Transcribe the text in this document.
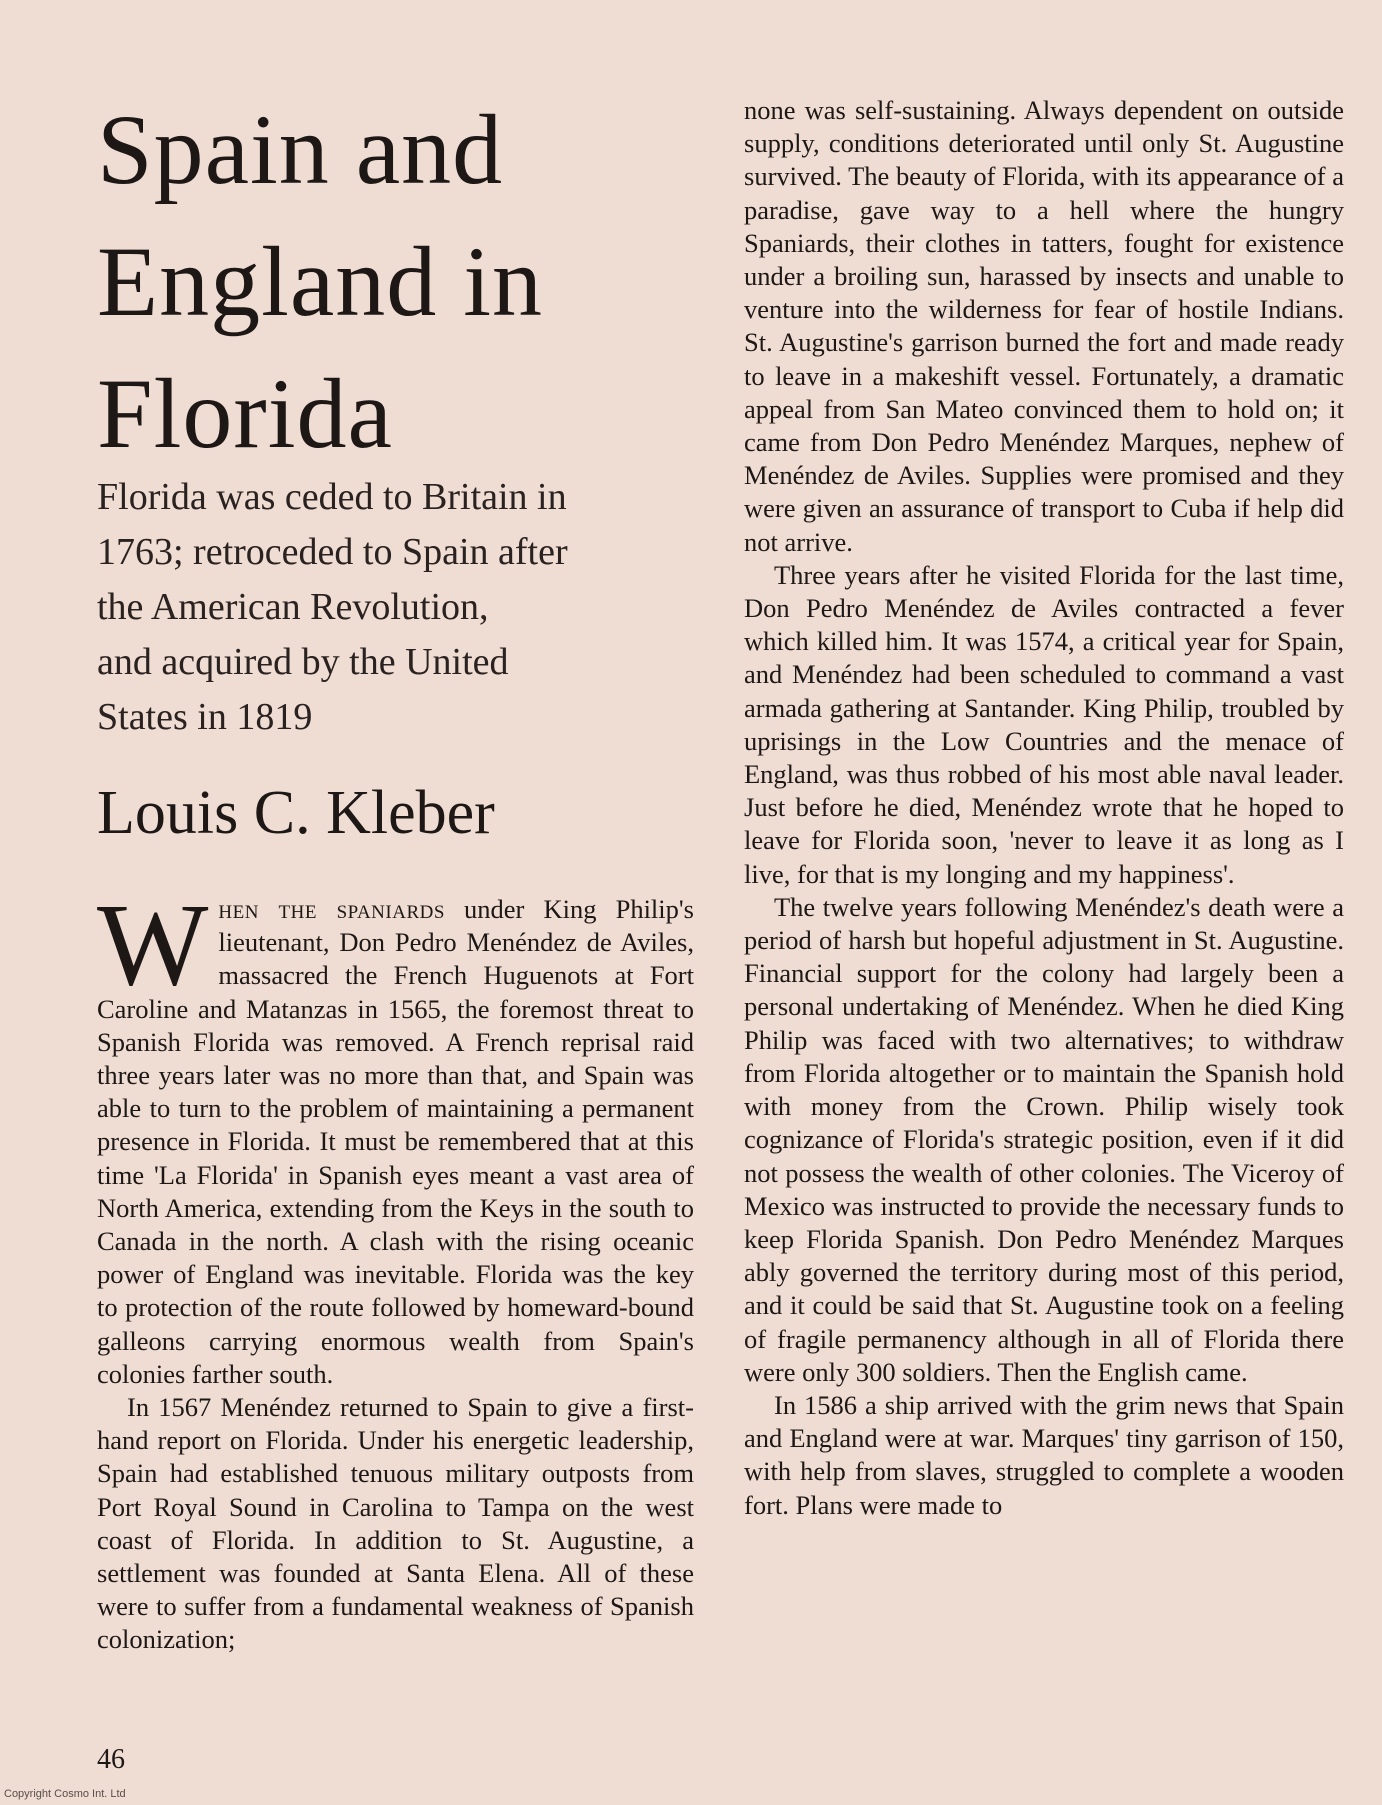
Spain and
England in
Florida
Florida was ceded to Britain in
1763; retroceded to Spain after
the American Revolution,
and acquired by the United
States in 1819
Louis C. Kleber

When the spaniards under King Philip's lieutenant, Don Pedro Menéndez de Aviles, massacred the French Huguenots at Fort Caroline and Matanzas in 1565, the foremost threat to Spanish Florida was removed. A French reprisal raid three years later was no more than that, and Spain was able to turn to the problem of maintaining a permanent presence in Florida. It must be remembered that at this time 'La Florida' in Spanish eyes meant a vast area of North America, extending from the Keys in the south to Canada in the north. A clash with the rising oceanic power of England was inevitable. Florida was the key to protection of the route followed by homeward-bound galleons carrying enormous wealth from Spain's colonies farther south.

In 1567 Menéndez returned to Spain to give a first-hand report on Florida. Under his energetic leadership, Spain had established tenuous military outposts from Port Royal Sound in Carolina to Tampa on the west coast of Florida. In addition to St. Augustine, a settlement was founded at Santa Elena. All of these were to suffer from a fundamental weakness of Spanish colonization;

none was self-sustaining. Always dependent on outside supply, conditions deteriorated until only St. Augustine survived. The beauty of Florida, with its appearance of a paradise, gave way to a hell where the hungry Spaniards, their clothes in tatters, fought for existence under a broiling sun, harassed by insects and unable to venture into the wilderness for fear of hostile Indians. St. Augustine's garrison burned the fort and made ready to leave in a makeshift vessel. Fortunately, a dramatic appeal from San Mateo convinced them to hold on; it came from Don Pedro Menéndez Marques, nephew of Menéndez de Aviles. Supplies were promised and they were given an assurance of transport to Cuba if help did not arrive.

Three years after he visited Florida for the last time, Don Pedro Menéndez de Aviles contracted a fever which killed him. It was 1574, a critical year for Spain, and Menéndez had been scheduled to command a vast armada gathering at Santander. King Philip, troubled by uprisings in the Low Countries and the menace of England, was thus robbed of his most able naval leader. Just before he died, Menéndez wrote that he hoped to leave for Florida soon, 'never to leave it as long as I live, for that is my longing and my happiness'.

The twelve years following Menéndez's death were a period of harsh but hopeful adjustment in St. Augustine. Financial support for the colony had largely been a personal undertaking of Menéndez. When he died King Philip was faced with two alternatives; to withdraw from Florida altogether or to maintain the Spanish hold with money from the Crown. Philip wisely took cognizance of Florida's strategic position, even if it did not possess the wealth of other colonies. The Viceroy of Mexico was instructed to provide the necessary funds to keep Florida Spanish. Don Pedro Menéndez Marques ably governed the territory during most of this period, and it could be said that St. Augustine took on a feeling of fragile permanency although in all of Florida there were only 300 soldiers. Then the English came.

In 1586 a ship arrived with the grim news that Spain and England were at war. Marques' tiny garrison of 150, with help from slaves, struggled to complete a wooden fort. Plans were made to

46
Copyright Cosmo Int. Ltd
